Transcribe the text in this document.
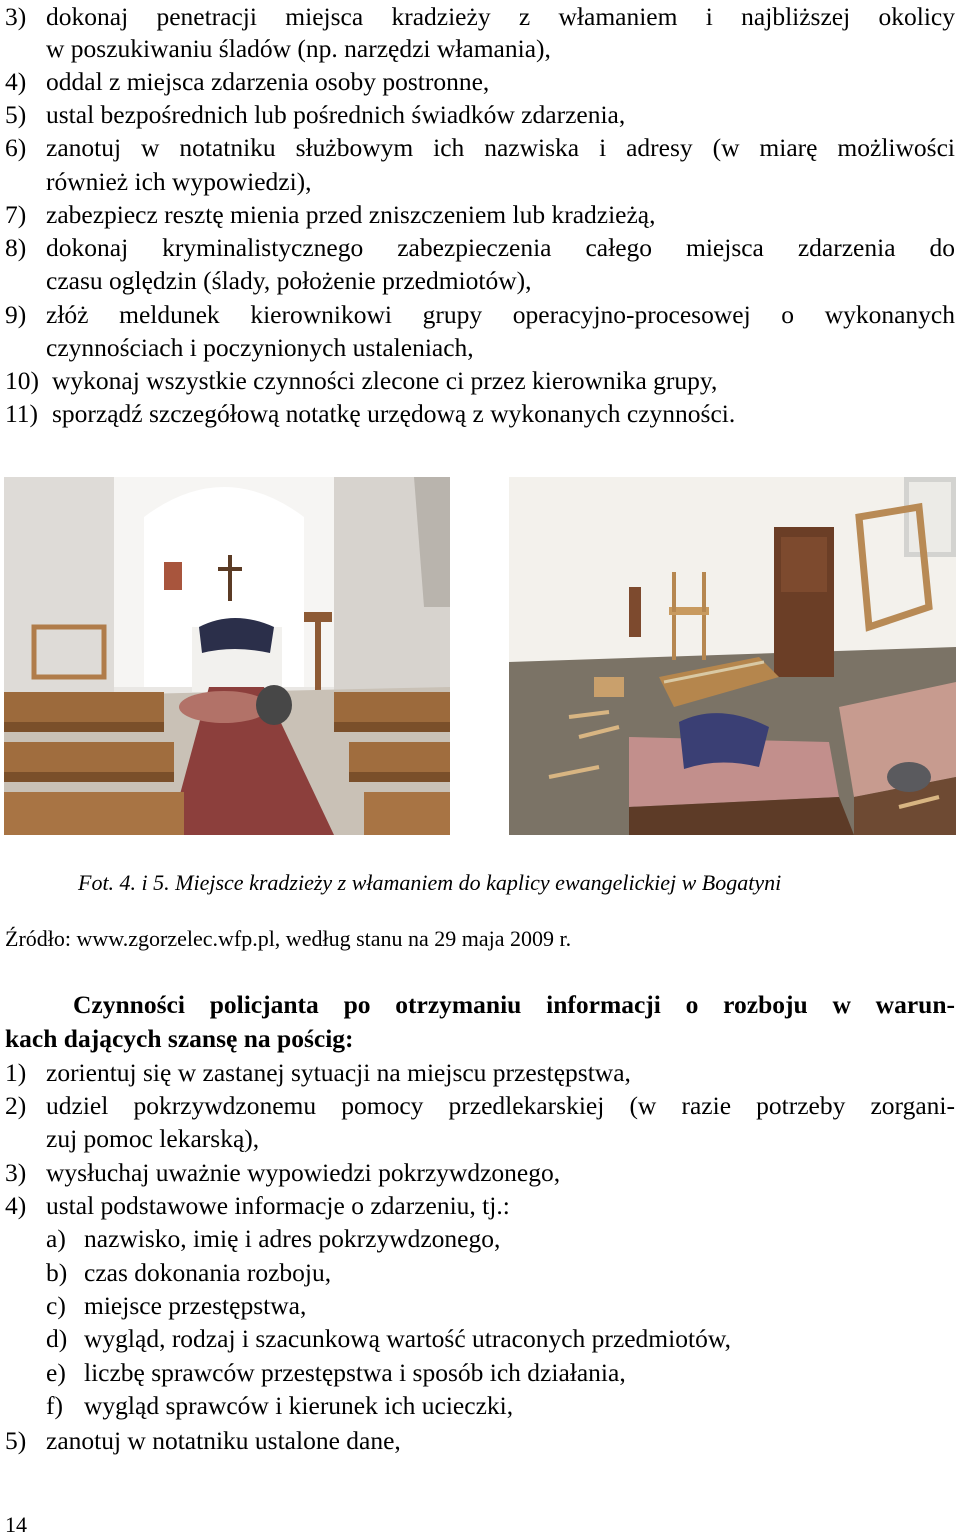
3) dokonaj penetracji miejsca kradzieży z włamaniem i najbliższej okolicy
w poszukiwaniu śladów (np. narzędzi włamania),
4) oddal z miejsca zdarzenia osoby postronne,
5) ustal bezpośrednich lub pośrednich świadków zdarzenia,
6) zanotuj w notatniku służbowym ich nazwiska i adresy (w miarę możliwości
również ich wypowiedzi),
7) zabezpiecz resztę mienia przed zniszczeniem lub kradzieżą,
8) dokonaj kryminalistycznego zabezpieczenia całego miejsca zdarzenia do
czasu oględzin (ślady, położenie przedmiotów),
9) złóż meldunek kierownikowi grupy operacyjno-procesowej o wykonanych
czynnościach i poczynionych ustaleniach,
10) wykonaj wszystkie czynności zlecone ci przez kierownika grupy,
11) sporządź szczegółową notatkę urzędową z wykonanych czynności.
Fot. 4. i 5. Miejsce kradzieży z włamaniem do kaplicy ewangelickiej w Bogatyni
Źródło: www.zgorzelec.wfp.pl, według stanu na 29 maja 2009 r.
Czynności policjanta po otrzymaniu informacji o rozboju w warun-
kach dających szansę na pościg:
1) zorientuj się w zastanej sytuacji na miejscu przestępstwa,
2) udziel pokrzywdzonemu pomocy przedlekarskiej (w razie potrzeby zorgani-
zuj pomoc lekarską),
3) wysłuchaj uważnie wypowiedzi pokrzywdzonego,
4) ustal podstawowe informacje o zdarzeniu, tj.:
a) nazwisko, imię i adres pokrzywdzonego,
b) czas dokonania rozboju,
c) miejsce przestępstwa,
d) wygląd, rodzaj i szacunkową wartość utraconych przedmiotów,
e) liczbę sprawców przestępstwa i sposób ich działania,
f) wygląd sprawców i kierunek ich ucieczki,
5) zanotuj w notatniku ustalone dane,
14
